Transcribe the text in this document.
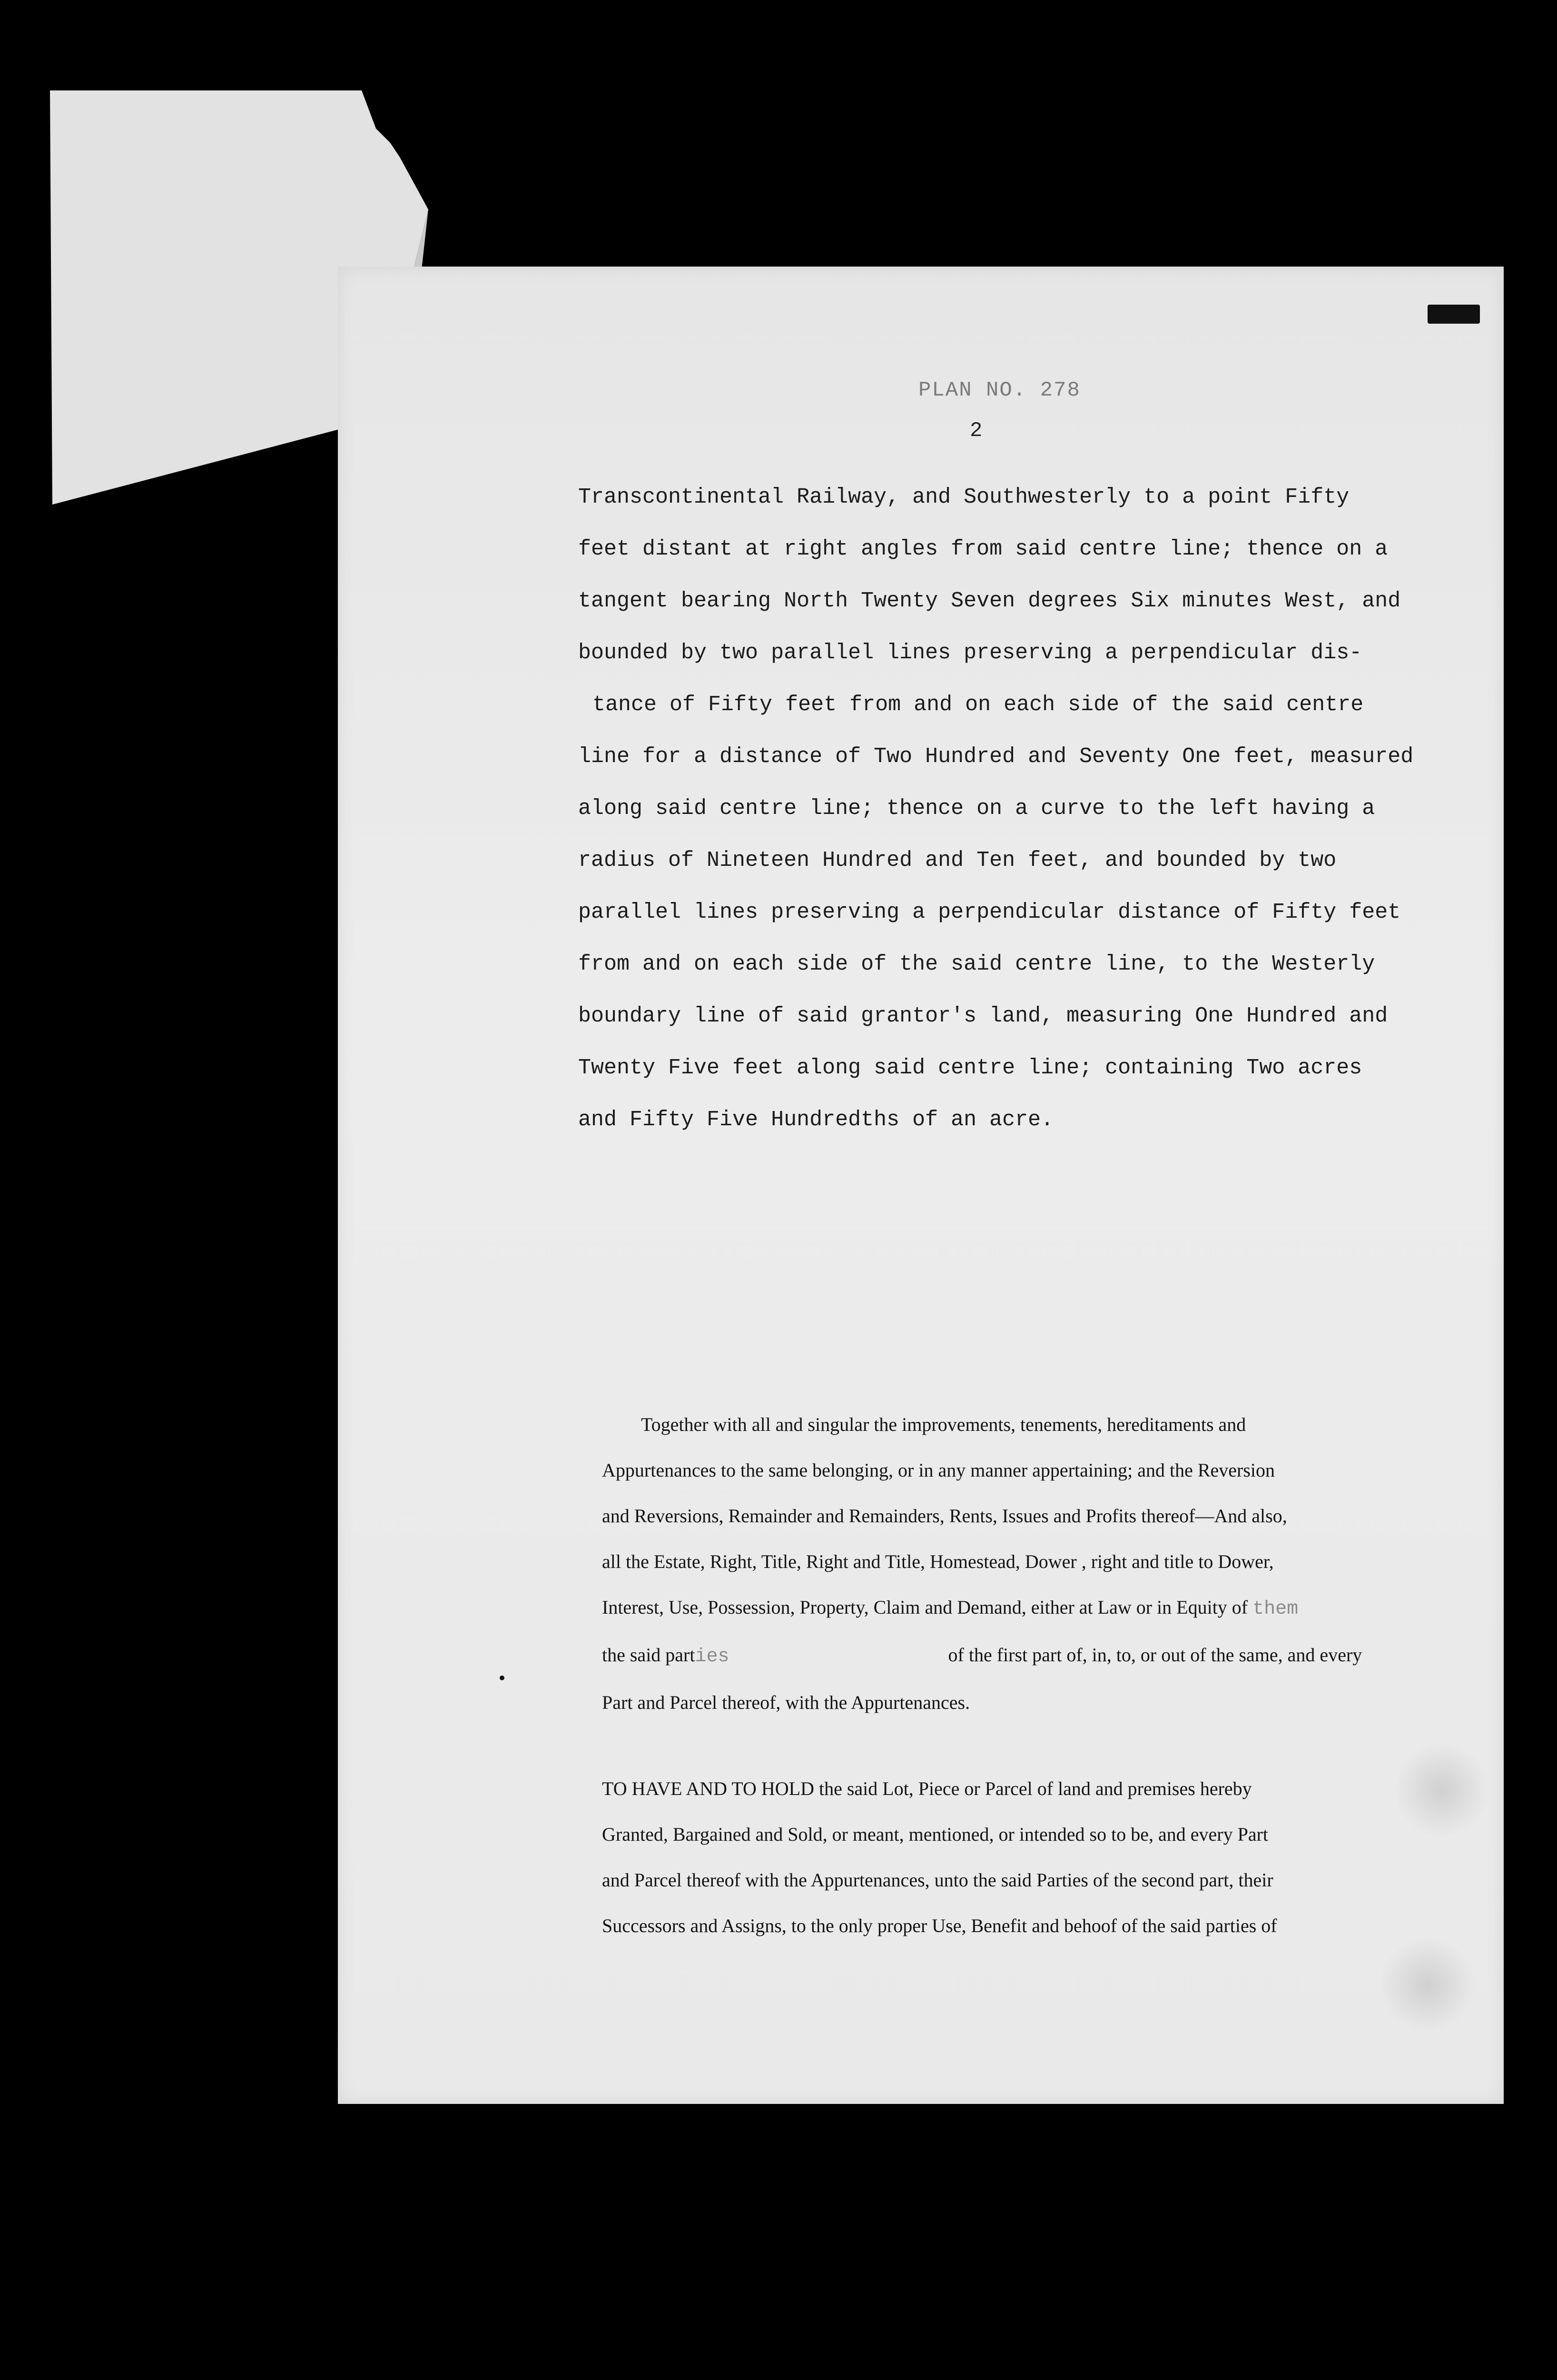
PLAN NO. 278
2
Transcontinental Railway, and Southwesterly to a point Fifty
feet distant at right angles from said centre line; thence on a
tangent bearing North Twenty Seven degrees Six minutes West, and
bounded by two parallel lines preserving a perpendicular dis-
tance of Fifty feet from and on each side of the said centre
line for a distance of Two Hundred and Seventy One feet, measured
along said centre line; thence on a curve to the left having a
radius of Nineteen Hundred and Ten feet, and bounded by two
parallel lines preserving a perpendicular distance of Fifty feet
from and on each side of the said centre line, to the Westerly
boundary line of said grantor's land, measuring One Hundred and
Twenty Five feet along said centre line; containing Two acres
and Fifty Five Hundredths of an acre.
Together with all and singular the improvements, tenements, hereditaments and
Appurtenances to the same belonging, or in any manner appertaining; and the Reversion
and Reversions, Remainder and Remainders, Rents, Issues and Profits thereof—And also,
all the Estate, Right, Title, Right and Title, Homestead, Dower , right and title to Dower,
Interest, Use, Possession, Property, Claim and Demand, either at Law or in Equity of them
the said parties	of the first part of, in, to, or out of the same, and every
Part and Parcel thereof, with the Appurtenances.
TO HAVE AND TO HOLD the said Lot, Piece or Parcel of land and premises hereby
Granted, Bargained and Sold, or meant, mentioned, or intended so to be, and every Part
and Parcel thereof with the Appurtenances, unto the said Parties of the second part, their
Successors and Assigns, to the only proper Use, Benefit and behoof of the said parties of
